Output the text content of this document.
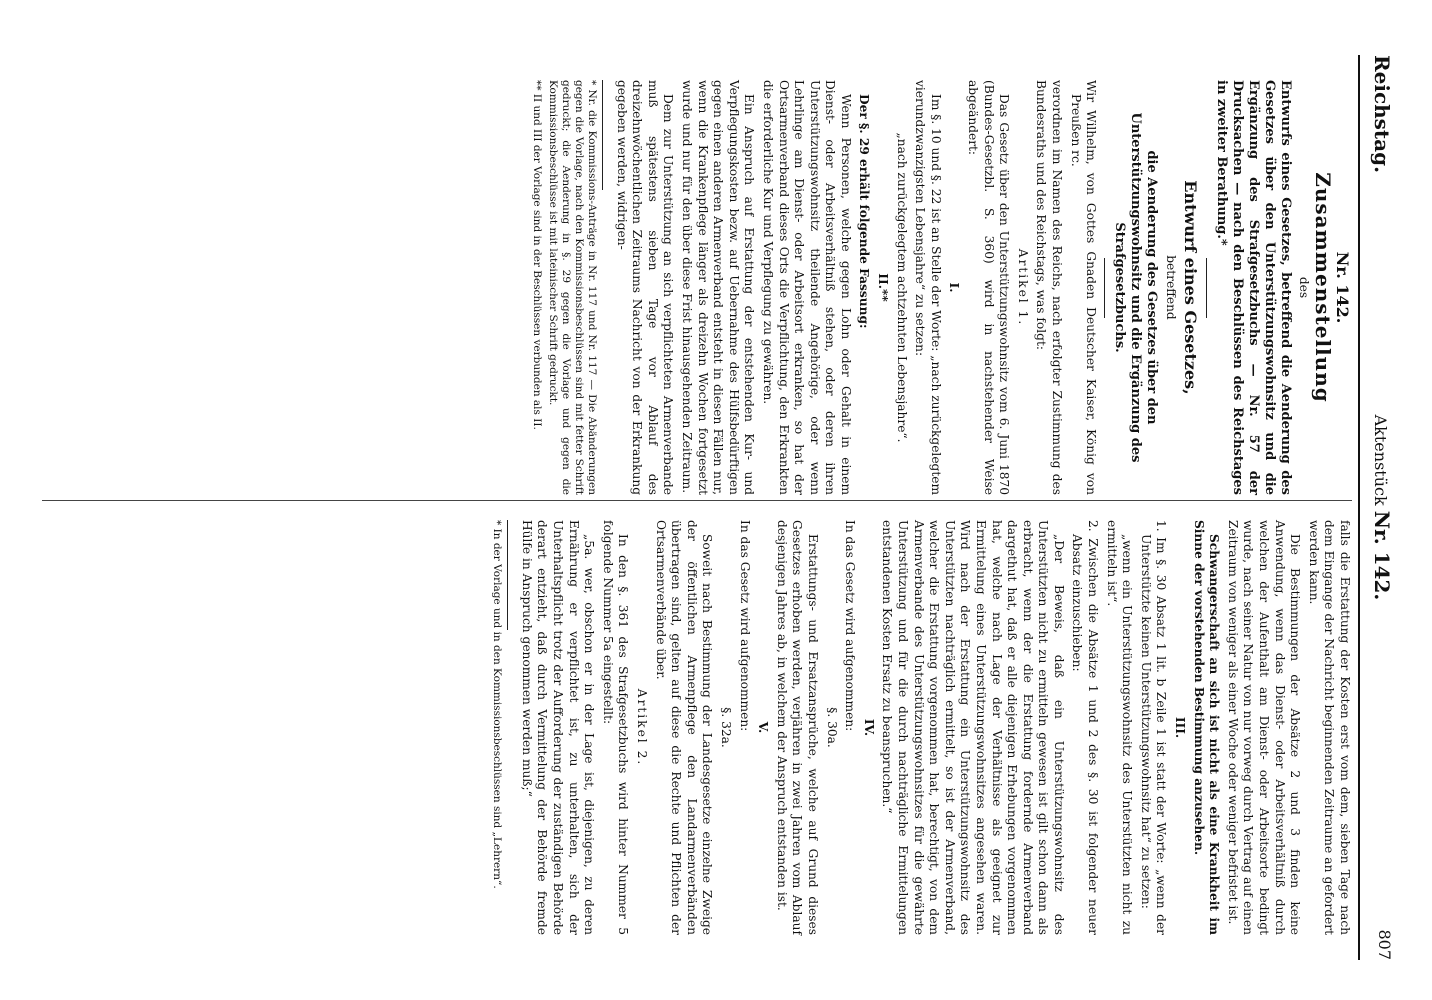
Reichstag.
Aktenstück Nr. 142.
807

Nr. 142.

Zusammenstellung

des

Entwurfs eines Gesetzes, betreffend die Aenderung des Gesetzes über den Unterstützungswohnsitz und die Ergänzung des Strafgesetzbuchs — Nr. 57 der Drucksachen — nach den Beschlüssen des Reichstages in zweiter Berathung.*

Entwurf eines Gesetzes,

betreffend

die Aenderung des Gesetzes über den Unterstützungswohnsitz und die Ergänzung des Strafgesetzbuchs.

Wir Wilhelm, von Gottes Gnaden Deutscher Kaiser, König von Preußen rc.

verordnen im Namen des Reichs, nach erfolgter Zustimmung des Bundesraths und des Reichstags, was folgt:

Artikel 1.

Das Gesetz über den Unterstützungswohnsitz vom 6. Juni 1870 (Bundes-Gesetzbl. S. 360) wird in nachstehender Weise abgeändert:

I.

Im §. 10 und §. 22 ist an Stelle der Worte: „nach zurückgelegtem vierundzwanzigsten Lebensjahre“ zu setzen:

„nach zurückgelegtem achtzehnten Lebensjahre“.

II.**

Der §. 29 erhält folgende Fassung:

Wenn Personen, welche gegen Lohn oder Gehalt in einem Dienst- oder Arbeitsverhältniß stehen, oder deren ihren Unterstützungswohnsitz theilende Angehörige, oder wenn Lehrlinge am Dienst- oder Arbeitsort erkranken, so hat der Ortsarmenverband dieses Orts die Verpflichtung, den Erkrankten die erforderliche Kur und Verpflegung zu gewähren.

Ein Anspruch auf Erstattung der entstehenden Kur- und Verpflegungskosten bezw. auf Uebernahme des Hülfsbedürftigen gegen einen anderen Armenverband entsteht in diesen Fällen nur, wenn die Krankenpflege länger als dreizehn Wochen fortgesetzt wurde und nur für den über diese Frist hinausgehenden Zeitraum.

Dem zur Unterstützung an sich verpflichteten Armenverbande muß spätestens sieben Tage vor Ablauf des dreizehnwöchentlichen Zeitraums Nachricht von der Erkrankung gegeben werden, widrigen-

* Nr. die Kommissions-Anträge in Nr. 117 und Nr. 117 — Die Abänderungen gegen die Vorlage, nach den Kommissionsbeschlüssen sind mit fetter Schrift gedruckt; die Aenderung in §. 29 gegen die Vorlage und gegen die Kommissionsbeschlüsse ist mit lateinischer Schrift gedruckt.

** II und III der Vorlage sind in der Beschlüssen verbunden als II.

falls die Erstattung der Kosten erst vom dem, sieben Tage nach dem Eingange der Nachricht beginnenden Zeitraume an gefordert werden kann.

Die Bestimmungen der Absätze 2 und 3 finden keine Anwendung, wenn das Dienst- oder Arbeitsverhältniß durch welchen der Aufenthalt am Dienst- oder Arbeitsorte bedingt wurde, nach seiner Natur von nur vorweg durch Vertrag auf einen Zeitraum von weniger als einer Woche oder weniger befristet ist.

Schwangerschaft an sich ist nicht als eine Krankheit im Sinne der vorstehenden Bestimmung anzusehen.

III.

1. Im §. 30 Absatz 1 lit. b Zeile 1 ist statt der Worte: „wenn der Unterstützte keinen Unterstützungswohnsitz hat“ zu setzen:

„wenn ein Unterstützungswohnsitz des Unterstützten nicht zu ermitteln ist“.

2. Zwischen die Absätze 1 und 2 des §. 30 ist folgender neuer Absatz einzuschieben:

„Der Beweis, daß ein Unterstützungswohnsitz des Unterstützten nicht zu ermitteln gewesen ist gilt schon dann als erbracht, wenn der die Erstattung fordernde Armenverband dargethut hat, daß er alle diejenigen Erhebungen vorgenommen hat, welche nach Lage der Verhältnisse als geeignet zur Ermittelung eines Unterstützungswohnsitzes angesehen waren. Wird nach der Erstattung ein Unterstützungswohnsitz des Unterstützten nachträglich ermittelt, so ist der Armenverband, welcher die Erstattung vorgenommen hat, berechtigt, von dem Armenverbande des Unterstützungswohnsitzes für die gewährte Unterstützung und für die durch nachträgliche Ermittelungen entstandenen Kosten Ersatz zu beanspruchen.“

IV.

In das Gesetz wird aufgenommen:

§. 30a.

Erstattungs- und Ersatzansprüche, welche auf Grund dieses Gesetzes erhoben werden, verjähren in zwei Jahren vom Ablauf desjenigen Jahres ab, in welchem der Anspruch entstanden ist.

V.

In das Gesetz wird aufgenommen:

§. 32a.

Soweit nach Bestimmung der Landesgesetze einzelne Zweige der öffentlichen Armenpflege den Landarmenverbänden übertragen sind, gelten auf diese die Rechte und Pflichten der Ortsarmenverbände über.

Artikel 2.

In den §. 361 des Strafgesetzbuchs wird hinter Nummer 5 folgende Nummer 5a eingestellt:

„5a. wer, obschon er in der Lage ist, diejenigen, zu deren Ernährung er verpflichtet ist, zu unterhalten, sich der Unterhaltspflicht trotz der Aufforderung der zuständigen Behörde derart entzieht, daß durch Vermittelung der Behörde fremde Hülfe in Anspruch genommen werden muß;“

* In der Vorlage und in den Kommissionsbeschlüssen sind „Lehrern“.
